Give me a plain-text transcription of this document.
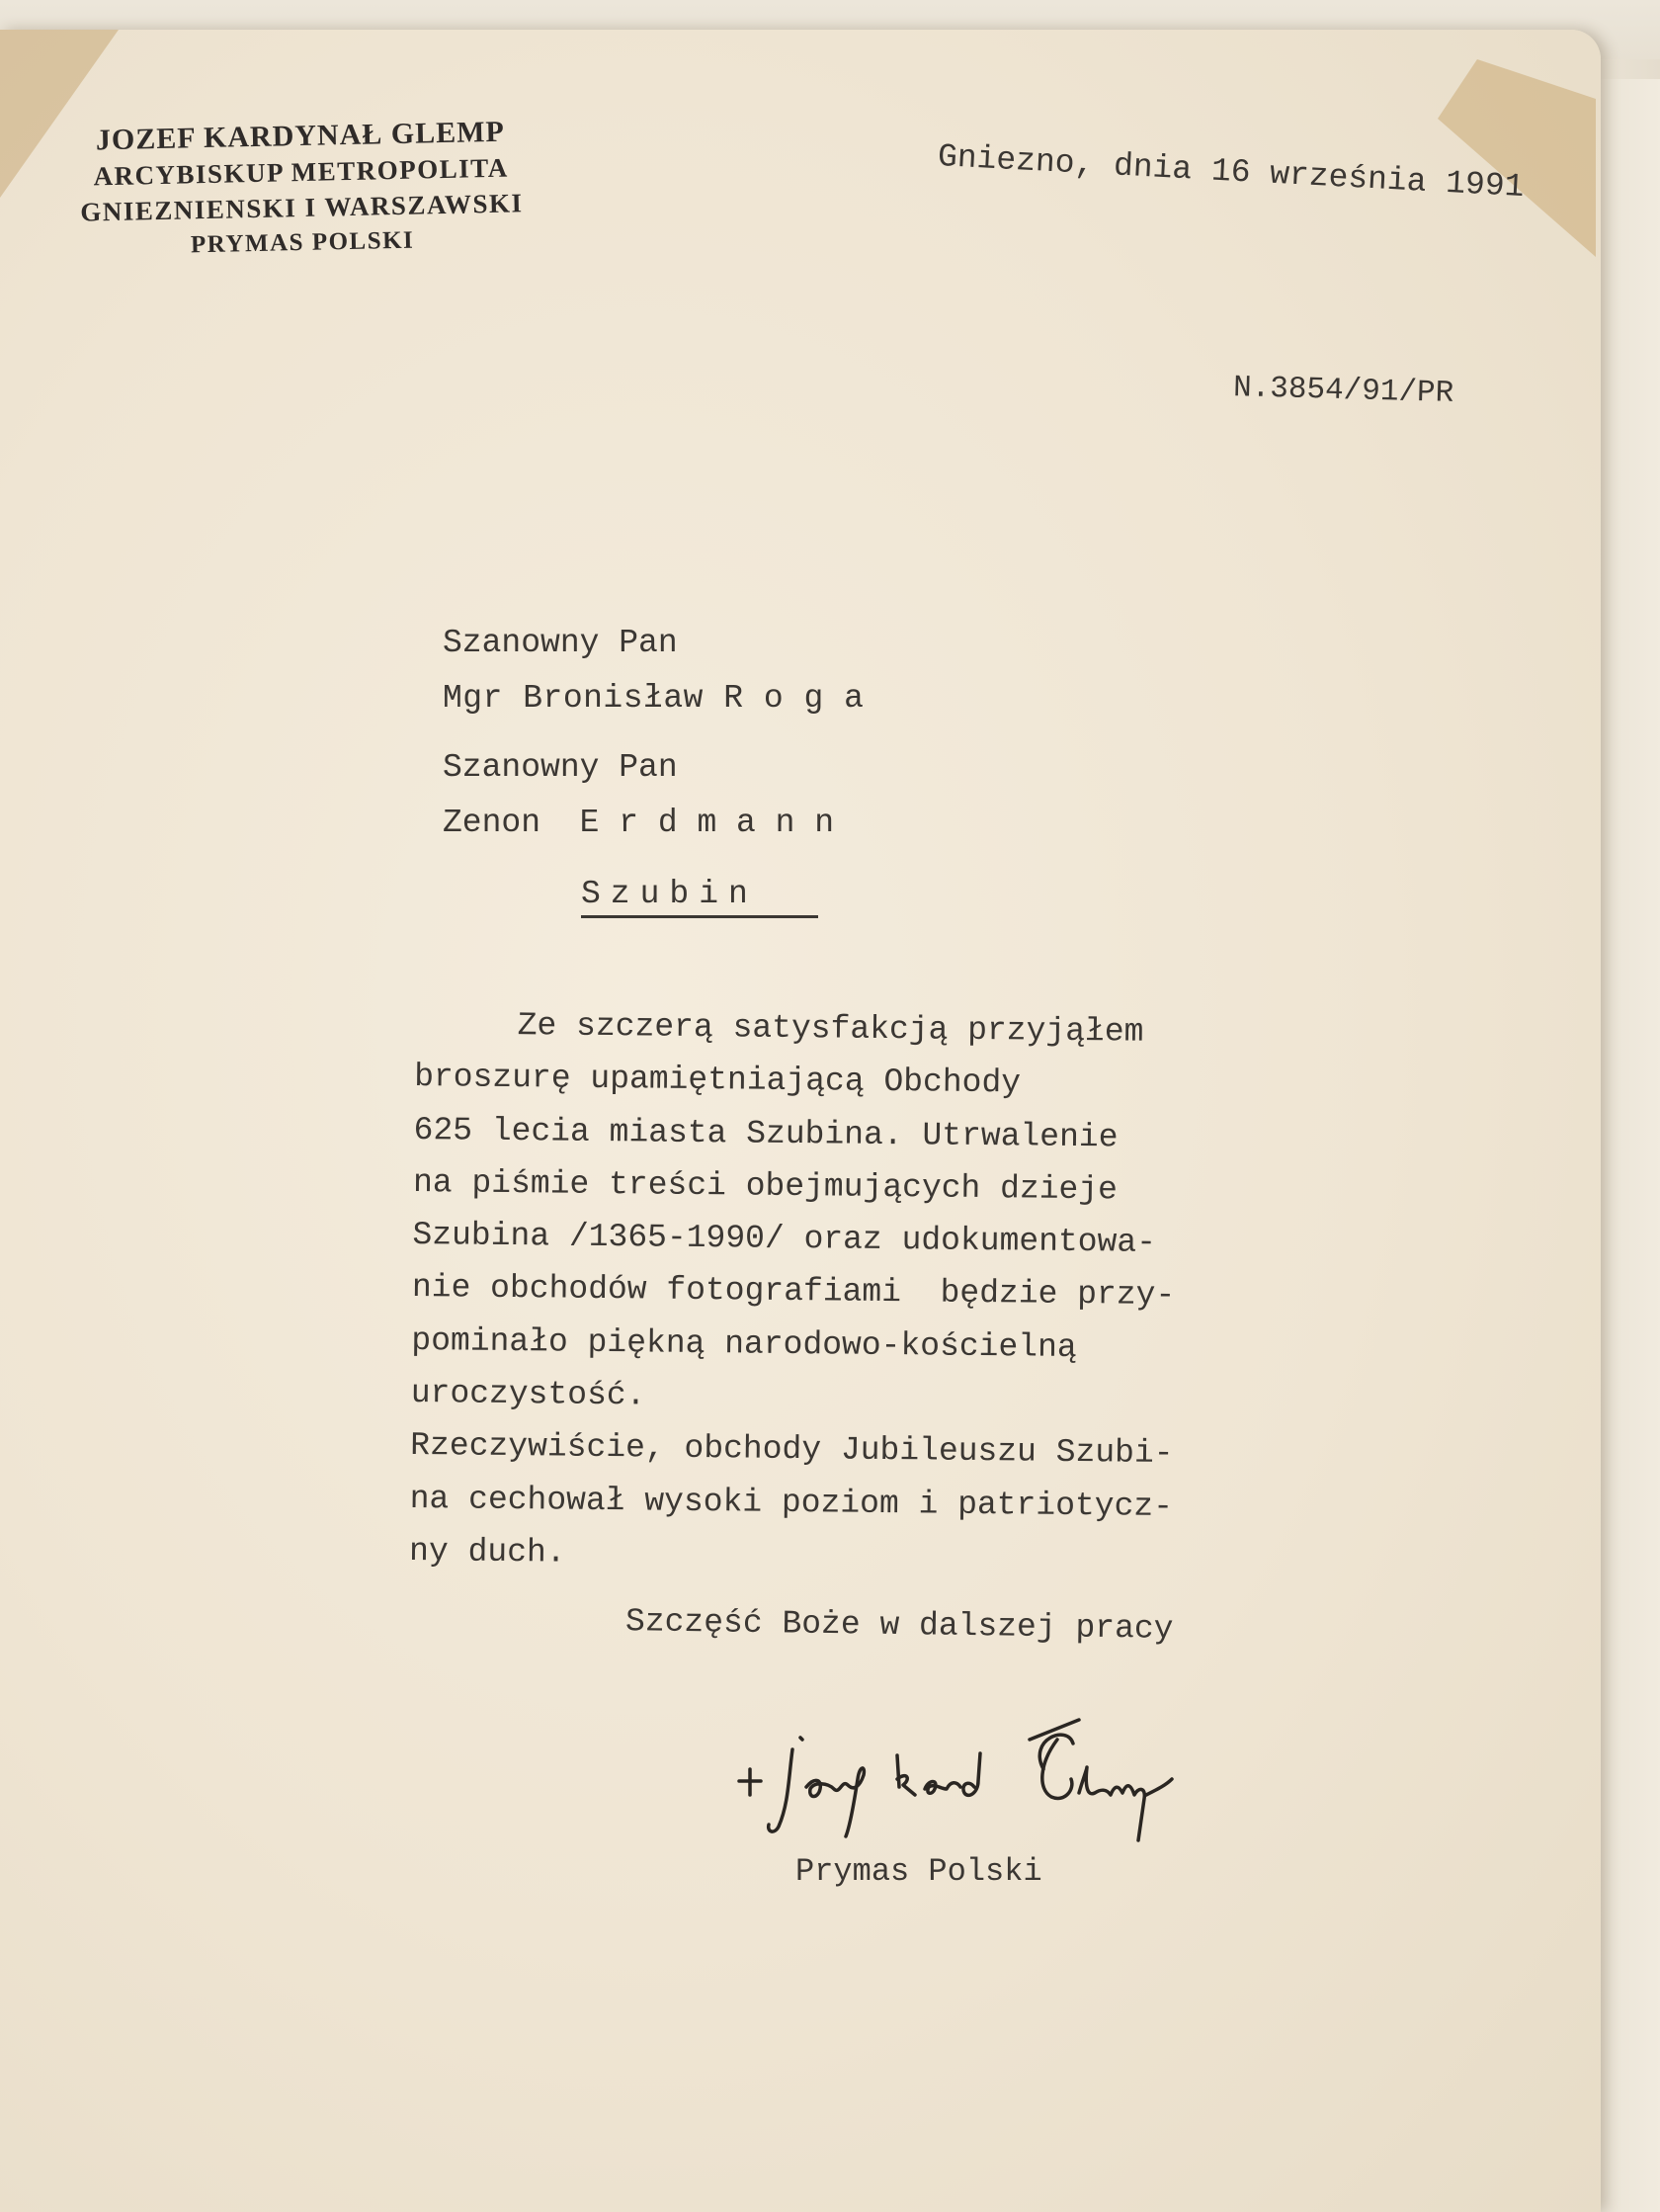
JOZEF KARDYNAŁ GLEMP
ARCYBISKUP METROPOLITA
GNIEZNIENSKI I WARSZAWSKI
PRYMAS POLSKI
Gniezno, dnia 16 września 1991
N.3854/91/PR
Szanowny Pan
Mgr Bronisław R o g a
Szanowny Pan
Zenon  E r d m a n n
Szubin
Ze szczerą satysfakcją przyjąłem
broszurę upamiętniającą Obchody
625 lecia miasta Szubina. Utrwalenie
na piśmie treści obejmujących dzieje
Szubina /1365-1990/ oraz udokumentowa-
nie obchodów fotografiami  będzie przy-
pominało piękną narodowo-kościelną
uroczystość.
Rzeczywiście, obchody Jubileuszu Szubi-
na cechował wysoki poziom i patriotycz-
ny duch.
Szczęść Boże w dalszej pracy
Prymas Polski
